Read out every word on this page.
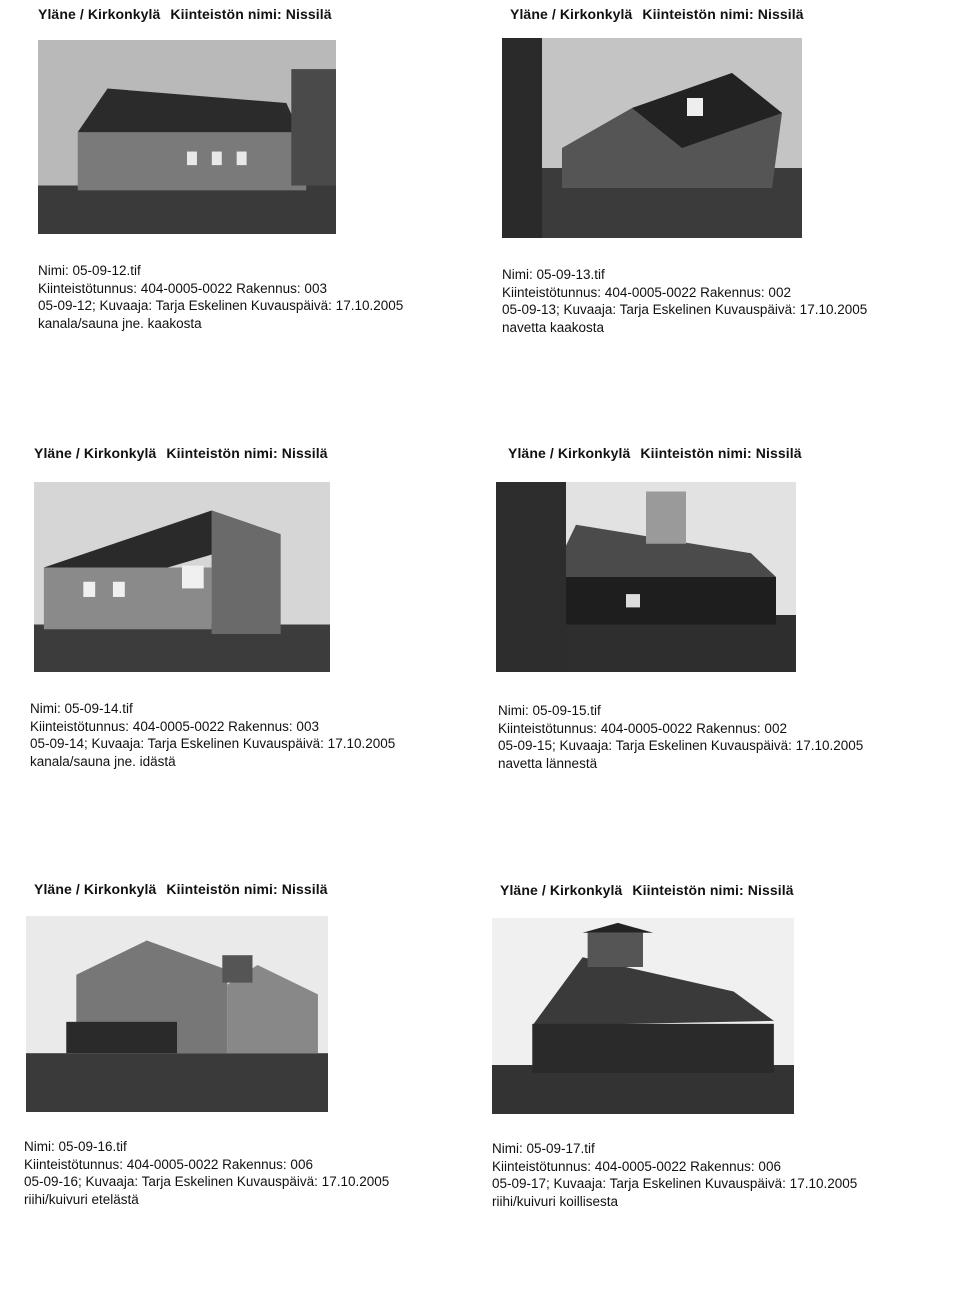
Yläne / Kirkonkylä Kiinteistön nimi: Nissilä
Nimi: 05-09-12.tif
Kiinteistötunnus: 404-0005-0022 Rakennus: 003
05-09-12; Kuvaaja: Tarja Eskelinen Kuvauspäivä: 17.10.2005
kanala/sauna jne. kaakosta
Yläne / Kirkonkylä Kiinteistön nimi: Nissilä
Nimi: 05-09-13.tif
Kiinteistötunnus: 404-0005-0022 Rakennus: 002
05-09-13; Kuvaaja: Tarja Eskelinen Kuvauspäivä: 17.10.2005
navetta kaakosta
Yläne / Kirkonkylä Kiinteistön nimi: Nissilä
Nimi: 05-09-14.tif
Kiinteistötunnus: 404-0005-0022 Rakennus: 003
05-09-14; Kuvaaja: Tarja Eskelinen Kuvauspäivä: 17.10.2005
kanala/sauna jne. idästä
Yläne / Kirkonkylä Kiinteistön nimi: Nissilä
Nimi: 05-09-15.tif
Kiinteistötunnus: 404-0005-0022 Rakennus: 002
05-09-15; Kuvaaja: Tarja Eskelinen Kuvauspäivä: 17.10.2005
navetta lännestä
Yläne / Kirkonkylä Kiinteistön nimi: Nissilä
Nimi: 05-09-16.tif
Kiinteistötunnus: 404-0005-0022 Rakennus: 006
05-09-16; Kuvaaja: Tarja Eskelinen Kuvauspäivä: 17.10.2005
riihi/kuivuri etelästä
Yläne / Kirkonkylä Kiinteistön nimi: Nissilä
Nimi: 05-09-17.tif
Kiinteistötunnus: 404-0005-0022 Rakennus: 006
05-09-17; Kuvaaja: Tarja Eskelinen Kuvauspäivä: 17.10.2005
riihi/kuivuri koillisesta
